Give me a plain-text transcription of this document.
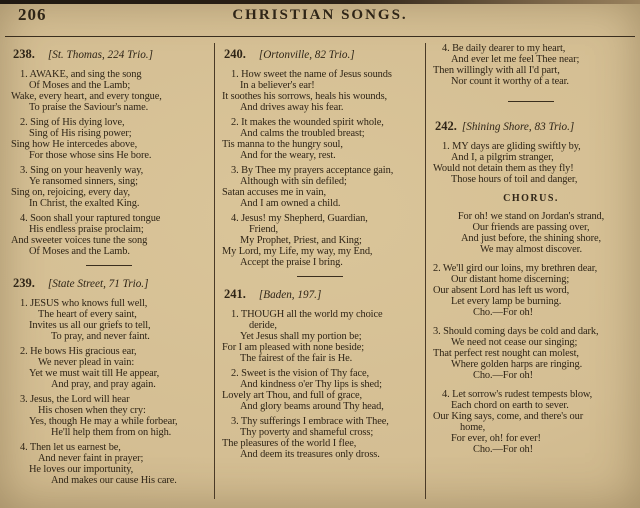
206	CHRISTIAN SONGS.
238. [St. Thomas, 224 Trio.]

1. AWAKE, and sing the song

Of Moses and the Lamb;

Wake, every heart, and every tongue,

To praise the Saviour's name.

2. Sing of His dying love,

Sing of His rising power;

Sing how He intercedes above,

For those whose sins He bore.

3. Sing on your heavenly way,

Ye ransomed sinners, sing;

Sing on, rejoicing, every day,

In Christ, the exalted King.

4. Soon shall your raptured tongue

His endless praise proclaim;

And sweeter voices tune the song

Of Moses and the Lamb.

239. [State Street, 71 Trio.]

1. JESUS who knows full well,

The heart of every saint,

Invites us all our griefs to tell,

To pray, and never faint.

2. He bows His gracious ear,

We never plead in vain:

Yet we must wait till He appear,

And pray, and pray again.

3. Jesus, the Lord will hear

His chosen when they cry:

Yes, though He may a while forbear,

He'll help them from on high.

4. Then let us earnest be,

And never faint in prayer;

He loves our importunity,

And makes our cause His care.

240. [Ortonville, 82 Trio.]

1. How sweet the name of Jesus sounds

In a believer's ear!

It soothes his sorrows, heals his wounds,

And drives away his fear.

2. It makes the wounded spirit whole,

And calms the troubled breast;

Tis manna to the hungry soul,

And for the weary, rest.

3. By Thee my prayers acceptance gain,

Although with sin defiled;

Satan accuses me in vain,

And I am owned a child.

4. Jesus! my Shepherd, Guardian,

Friend,

My Prophet, Priest, and King;

My Lord, my Life, my way, my End,

Accept the praise I bring.

241. [Baden, 197.]

1. THOUGH all the world my choice

deride,

Yet Jesus shall my portion be;

For I am pleased with none beside;

The fairest of the fair is He.

2. Sweet is the vision of Thy face,

And kindness o'er Thy lips is shed;

Lovely art Thou, and full of grace,

And glory beams around Thy head,

3. Thy sufferings I embrace with Thee,

Thy poverty and shameful cross;

The pleasures of the world I flee,

And deem its treasures only dross.

4. Be daily dearer to my heart,

And ever let me feel Thee near;

Then willingly with all I'd part,

Nor count it worthy of a tear.

242. [Shining Shore, 83 Trio.]

1. MY days are gliding swiftly by,

And I, a pilgrim stranger,

Would not detain them as they fly!

Those hours of toil and danger,

CHORUS.

For oh! we stand on Jordan's strand,

Our friends are passing over,

And just before, the shining shore,

We may almost discover.

2. We'll gird our loins, my brethren dear,

Our distant home discerning;

Our absent Lord has left us word,

Let every lamp be burning.

Cho.—For oh!

3. Should coming days be cold and dark,

We need not cease our singing;

That perfect rest nought can molest,

Where golden harps are ringing.

Cho.—For oh!

4. Let sorrow's rudest tempests blow,

Each chord on earth to sever.

Our King says, come, and there's our

home,

For ever, oh! for ever!

Cho.—For oh!
